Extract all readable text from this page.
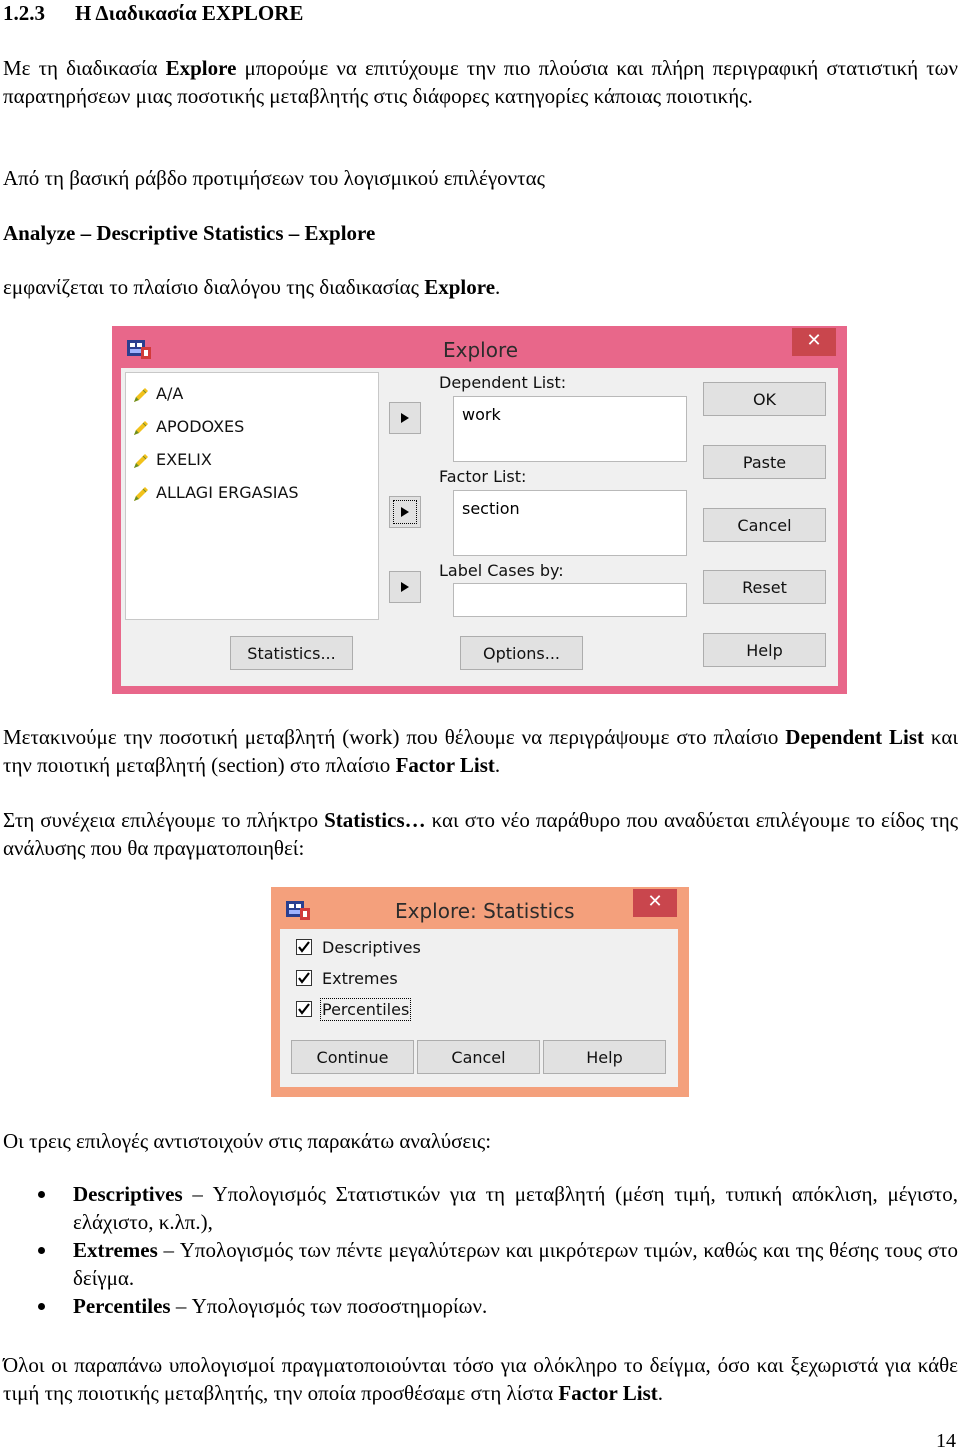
1.2.3 Η Διαδικασία EXPLORE

Με τη διαδικασία Explore μπορούμε να επιτύχουμε την πιο πλούσια και πλήρη περιγραφική στατιστική των παρατηρήσεων μιας ποσοτικής μεταβλητής στις διάφορες κατηγορίες κάποιας ποιοτικής.

Από τη βασική ράβδο προτιμήσεων του λογισμικού επιλέγοντας

Analyze – Descriptive Statistics – Explore

εμφανίζεται το πλαίσιο διαλόγου της διαδικασίας Explore.

Explore	✕
A/A
APODOXES
EXELIX
ALLAGI ERGASIAS
Dependent List:
work
Factor List:
section
Label Cases by:
OK
Paste
Cancel
Reset
Help
Statistics...	Options...

Μετακινούμε την ποσοτική μεταβλητή (work) που θέλουμε να περιγράψουμε στο πλαίσιο Dependent List και την ποιοτική μεταβλητή (section) στο πλαίσιο Factor List.

Στη συνέχεια επιλέγουμε το πλήκτρο Statistics… και στο νέο παράθυρο που αναδύεται επιλέγουμε το είδος της ανάλυσης που θα πραγματοποιηθεί:

Explore: Statistics	✕
Descriptives
Extremes
Percentiles
Continue	Cancel	Help

Οι τρεις επιλογές αντιστοιχούν στις παρακάτω αναλύσεις:

Descriptives – Υπολογισμός Στατιστικών για τη μεταβλητή (μέση τιμή, τυπική απόκλιση, μέγιστο, ελάχιστο, κ.λπ.),
Extremes – Υπολογισμός των πέντε μεγαλύτερων και μικρότερων τιμών, καθώς και της θέσης τους στο δείγμα.
Percentiles – Υπολογισμός των ποσοστημορίων.

Όλοι οι παραπάνω υπολογισμοί πραγματοποιούνται τόσο για ολόκληρο το δείγμα, όσο και ξεχωριστά για κάθε τιμή της ποιοτικής μεταβλητής, την οποία προσθέσαμε στη λίστα Factor List.

14
